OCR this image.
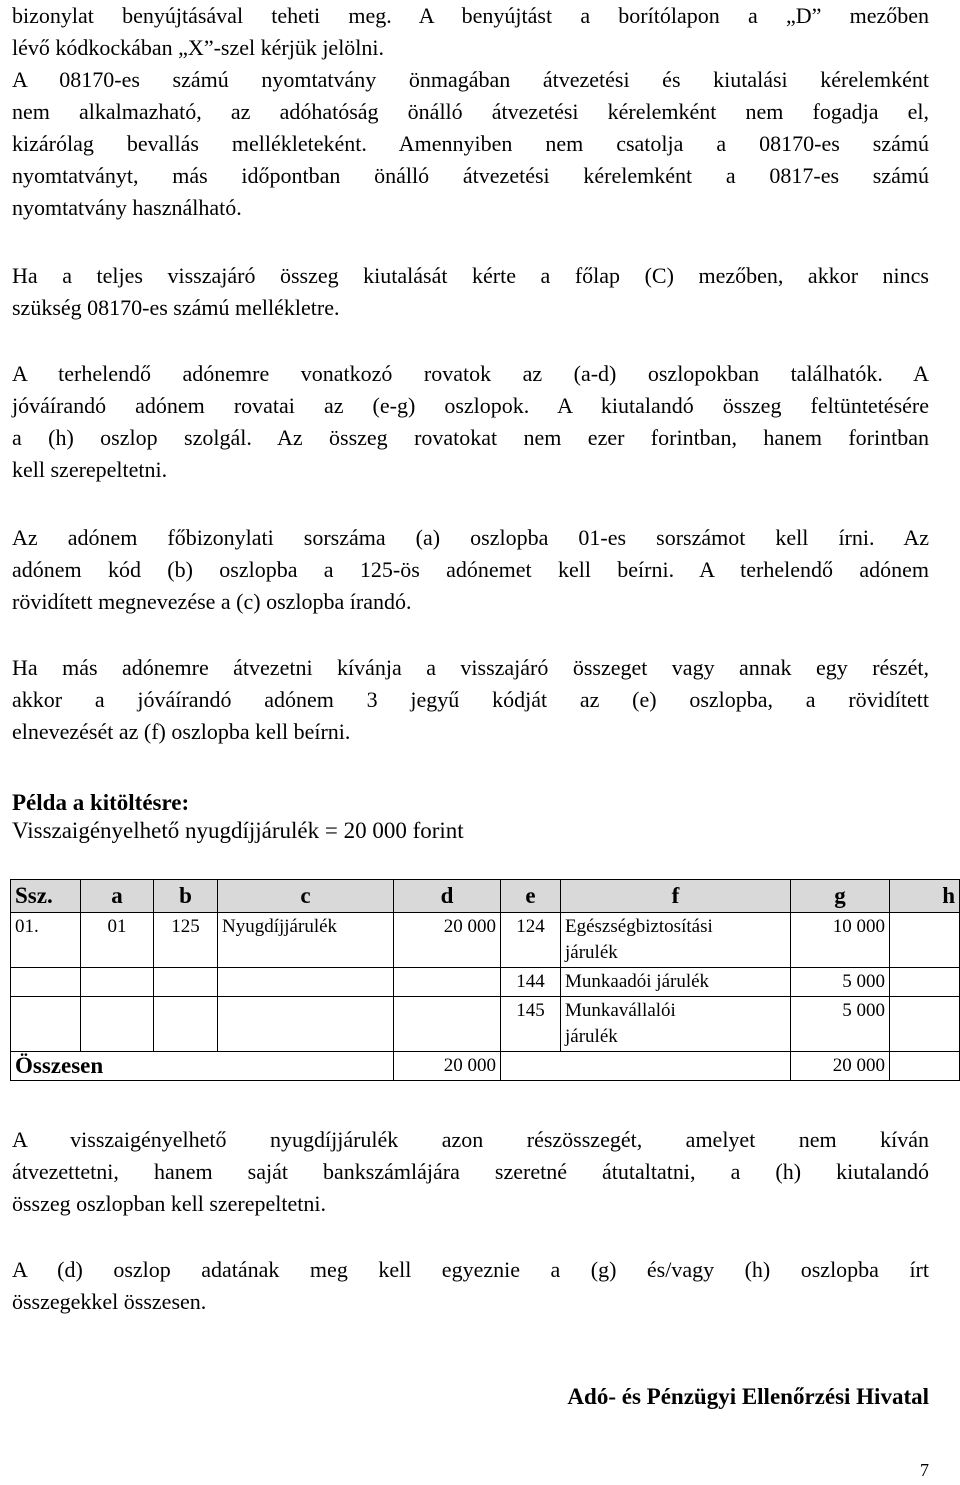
bizonylat benyújtásával teheti meg. A benyújtást a borítólapon a „D” mezőben
lévő kódkockában „X”-szel kérjük jelölni.
A 08170-es számú nyomtatvány önmagában átvezetési és kiutalási kérelemként
nem alkalmazható, az adóhatóság önálló átvezetési kérelemként nem fogadja el,
kizárólag bevallás mellékleteként. Amennyiben nem csatolja a 08170-es számú
nyomtatványt, más időpontban önálló átvezetési kérelemként a 0817-es számú
nyomtatvány használható.
Ha a teljes visszajáró összeg kiutalását kérte a főlap (C) mezőben, akkor nincs
szükség 08170-es számú mellékletre.
A terhelendő adónemre vonatkozó rovatok az (a-d) oszlopokban találhatók. A
jóváírandó adónem rovatai az (e-g) oszlopok. A kiutalandó összeg feltüntetésére
a (h) oszlop szolgál. Az összeg rovatokat nem ezer forintban, hanem forintban
kell szerepeltetni.
Az adónem főbizonylati sorszáma (a) oszlopba 01-es sorszámot kell írni. Az
adónem kód (b) oszlopba a 125-ös adónemet kell beírni. A terhelendő adónem
rövidített megnevezése a (c) oszlopba írandó.
Ha más adónemre átvezetni kívánja a visszajáró összeget vagy annak egy részét,
akkor a jóváírandó adónem 3 jegyű kódját az (e) oszlopba, a rövidített
elnevezését az (f) oszlopba kell beírni.

Példa a kitöltésre:

Visszaigényelhető nyugdíjjárulék = 20 000 forint

Ssz.	a	b	c	d	e	f	g	h
01.	01	125	Nyugdíjjárulék	20 000	124	Egészségbiztosítási
járulék	10 000	
					144	Munkaadói járulék	5 000	
					145	Munkavállalói
járulék	5 000	
Összesen				20 000			20 000	
A visszaigényelhető nyugdíjjárulék azon részösszegét, amelyet nem kíván
átvezettetni, hanem saját bankszámlájára szeretné átutaltatni, a (h) kiutalandó
összeg oszlopban kell szerepeltetni.
A (d) oszlop adatának meg kell egyeznie a (g) és/vagy (h) oszlopba írt
összegekkel összesen.

Adó- és Pénzügyi Ellenőrzési Hivatal

7
